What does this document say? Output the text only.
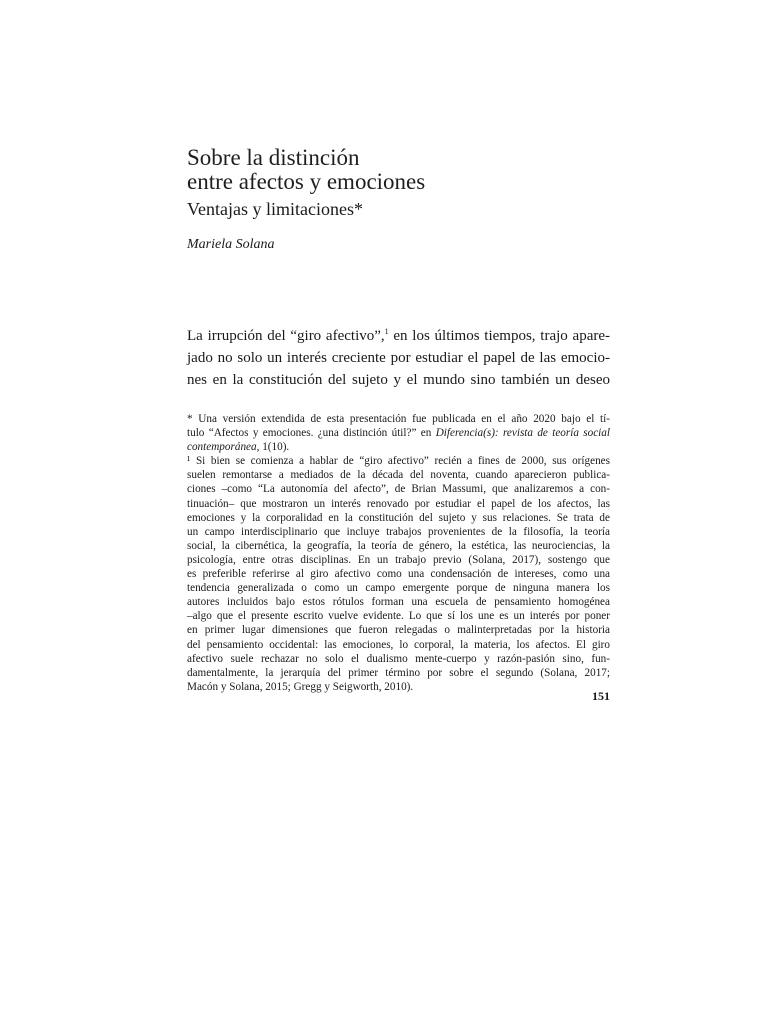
Sobre la distinción
entre afectos y emociones
Ventajas y limitaciones*

Mariela Solana

La irrupción del “giro afectivo”,$^1$ en los últimos tiempos, trajo apare-
jado no solo un interés creciente por estudiar el papel de las emocio-
nes en la constitución del sujeto y el mundo sino también un deseo

* Una versión extendida de esta presentación fue publicada en el año 2020 bajo el tí-
tulo “Afectos y emociones. ¿una distinción útil?” en Diferencia(s): revista de teoría social
contemporánea, 1(10).
¹ Si bien se comienza a hablar de “giro afectivo” recién a fines de 2000, sus orígenes
suelen remontarse a mediados de la década del noventa, cuando aparecieron publica-
ciones –como “La autonomía del afecto”, de Brian Massumi, que analizaremos a con-
tinuación– que mostraron un interés renovado por estudiar el papel de los afectos, las
emociones y la corporalidad en la constitución del sujeto y sus relaciones. Se trata de
un campo interdisciplinario que incluye trabajos provenientes de la filosofía, la teoría
social, la cibernética, la geografía, la teoría de género, la estética, las neurociencias, la
psicología, entre otras disciplinas. En un trabajo previo (Solana, 2017), sostengo que
es preferible referirse al giro afectivo como una condensación de intereses, como una
tendencia generalizada o como un campo emergente porque de ninguna manera los
autores incluidos bajo estos rótulos forman una escuela de pensamiento homogénea
–algo que el presente escrito vuelve evidente. Lo que sí los une es un interés por poner
en primer lugar dimensiones que fueron relegadas o malinterpretadas por la historia
del pensamiento occidental: las emociones, lo corporal, la materia, los afectos. El giro
afectivo suele rechazar no solo el dualismo mente-cuerpo y razón-pasión sino, fun-
damentalmente, la jerarquía del primer término por sobre el segundo (Solana, 2017;
Macón y Solana, 2015; Gregg y Seigworth, 2010).
151
